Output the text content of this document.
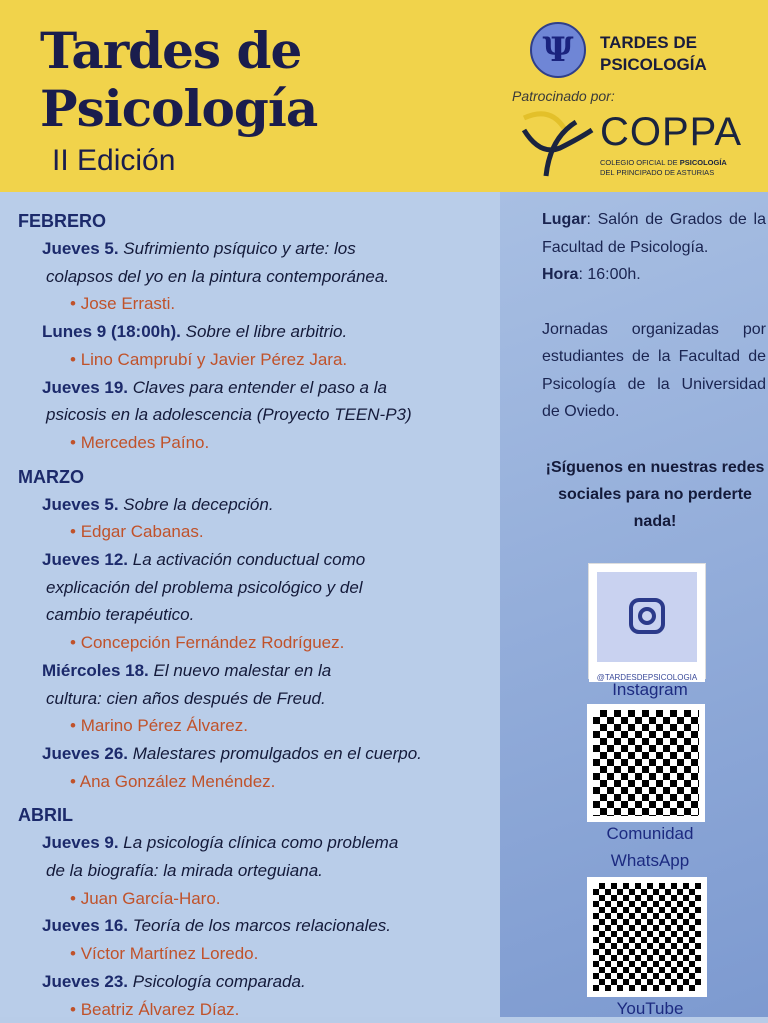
Tardes de
Psicología
II Edición
Ψ	TARDES DE
PSICOLOGÍA
Patrocinado por:
COPPA
COLEGIO OFICIAL DE PSICOLOGÍA
DEL PRINCIPADO DE ASTURIAS
FEBRERO
Jueves 5. Sufrimiento psíquico y arte: los
colapsos del yo en la pintura contemporánea.
• Jose Errasti.
Lunes 9 (18:00h). Sobre el libre arbitrio.
• Lino Camprubí y Javier Pérez Jara.
Jueves 19. Claves para entender el paso a la
psicosis en la adolescencia (Proyecto TEEN-P3)
• Mercedes Paíno.
MARZO
Jueves 5. Sobre la decepción.
• Edgar Cabanas.
Jueves 12. La activación conductual como
explicación del problema psicológico y del
cambio terapéutico.
• Concepción Fernández Rodríguez.
Miércoles 18. El nuevo malestar en la
cultura: cien años después de Freud.
• Marino Pérez Álvarez.
Jueves 26. Malestares promulgados en el cuerpo.
• Ana González Menéndez.
ABRIL
Jueves 9. La psicología clínica como problema
de la biografía: la mirada orteguiana.
• Juan García-Haro.
Jueves 16. Teoría de los marcos relacionales.
• Víctor Martínez Loredo.
Jueves 23. Psicología comparada.
• Beatriz Álvarez Díaz.
Lugar: Salón de Grados de la Facultad de Psicología.
Hora: 16:00h.
Jornadas organizadas por estudiantes de la Facultad de Psicología de la Universidad de Oviedo.
¡Síguenos en nuestras redes sociales para no perderte nada!
@TARDESDEPSICOLOGIA
Instagram
Comunidad
WhatsApp
YouTube
